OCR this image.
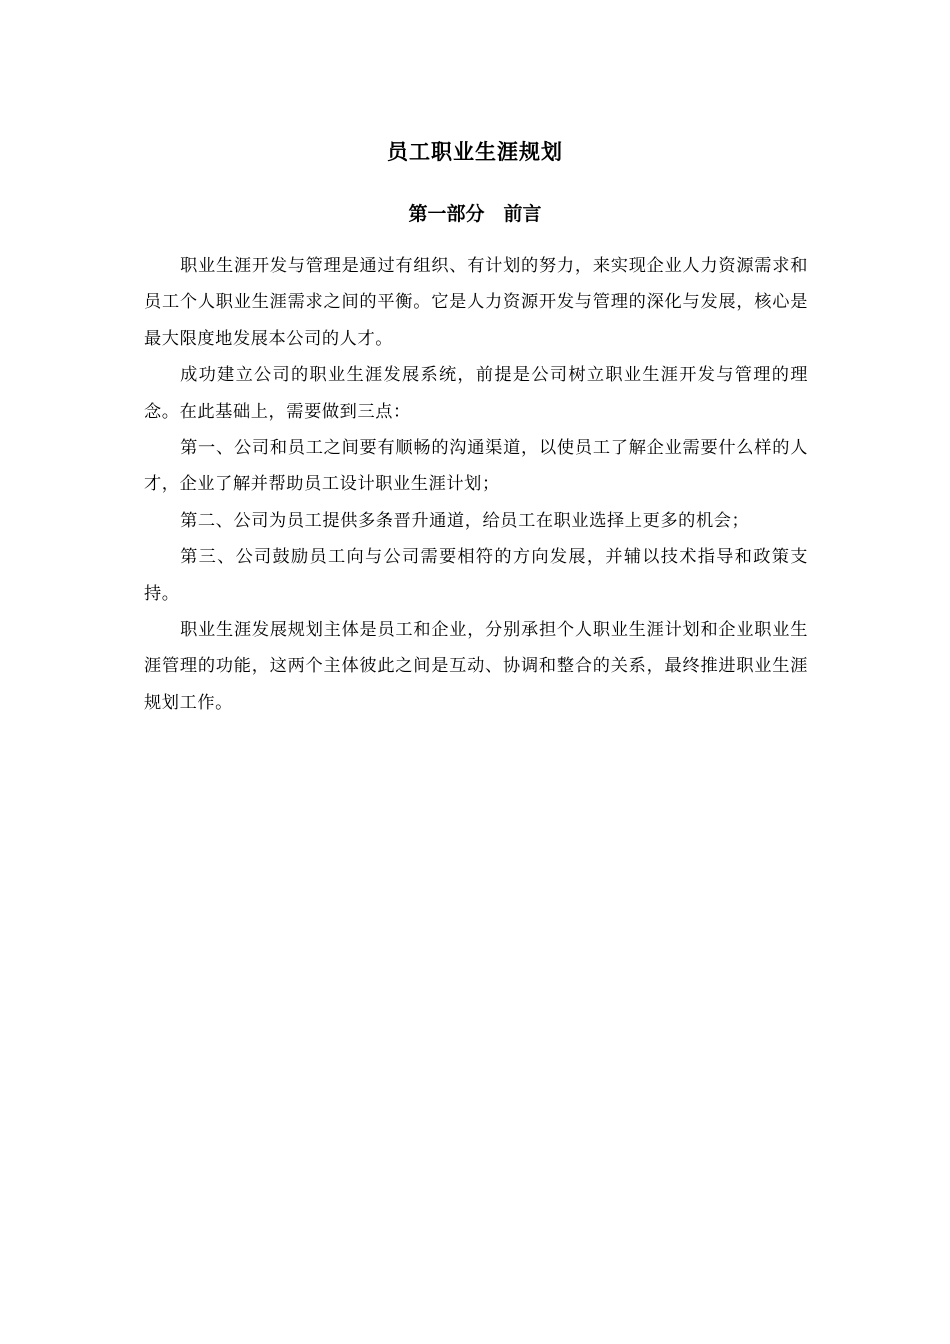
员工职业生涯规划
第一部分　前言

职业生涯开发与管理是通过有组织、有计划的努力，来实现企业人力资源需求和员工个人职业生涯需求之间的平衡。它是人力资源开发与管理的深化与发展，核心是最大限度地发展本公司的人才。

成功建立公司的职业生涯发展系统，前提是公司树立职业生涯开发与管理的理念。在此基础上，需要做到三点：

第一、公司和员工之间要有顺畅的沟通渠道，以使员工了解企业需要什么样的人才，企业了解并帮助员工设计职业生涯计划；

第二、公司为员工提供多条晋升通道，给员工在职业选择上更多的机会；

第三、公司鼓励员工向与公司需要相符的方向发展，并辅以技术指导和政策支持。

职业生涯发展规划主体是员工和企业，分别承担个人职业生涯计划和企业职业生涯管理的功能，这两个主体彼此之间是互动、协调和整合的关系，最终推进职业生涯规划工作。
